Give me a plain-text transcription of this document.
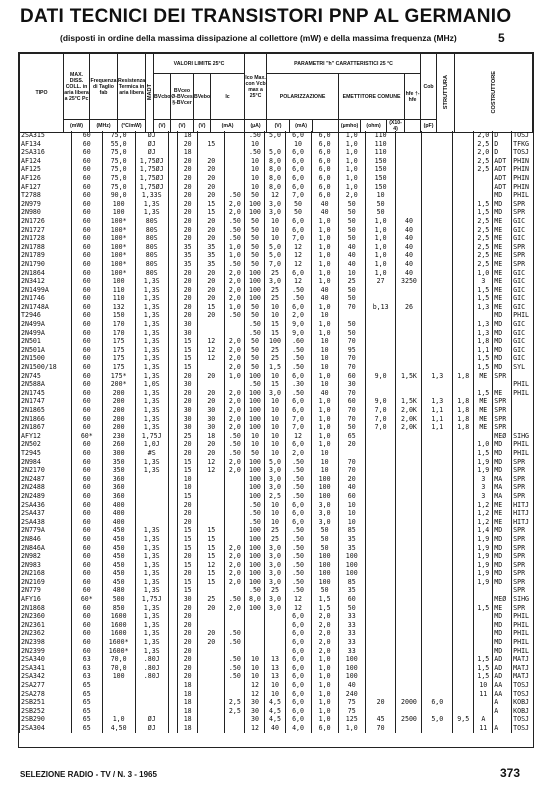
DATI TECNICI DEI TRANSISTORI PNP AL GERMANIO
(disposti in ordine della massima dissipazione al collettore (mW) e della massima frequenza (MHz)	5
TIPO	MAX. DISS. COLL. in aria libera a 25°C Pc	Frequenza di Taglio fab	Resistenza Termica in aria libera	MADT	VALORI LIMITE 25°C				Ico Max. con Vcb max a 25°C	PARAMETRI "h" CARATTERISTICI 25 °C							Cob	STRUTTURA	COSTRUTTORE
					BVcbo	BVceo Ø-BVces §-BVcer	BVebo	Ic		POLARIZZAZIONE			EMETTITORE COMUNE			hfe †-hfe			
	(mW)	(MHz)	(°C/mW)		(V)	(V)	(V)	(mA)	(µA)	(V)	(mA)		(µmho)	(ohm)	(X10-4)		(pF)		
2SA315	60	75,0	ØJ		18			.50	5,0	6,0	6,0	1,0	110				2,0	D	TOSJ
AF134	60	55,0	ØJ		20	15		10		10	6,0	1,0	110				2,5	D	TFKG
2SA316	60	75,0	ØJ		18			.50	5,0	6,0	6,0	1,0	110				2,0	D	TOSJ
AF124	60	75,0	1,75ØJ		20	20		10	8,0	6,0	6,0	1,0	150				2,5	ADT	PHIN
AF125	60	75,0	1,75ØJ		20	20		10	8,0	6,0	6,0	1,0	150				2,5	ADT	PHIN
AF126	60	75,0	1,75ØJ		20	20		10	8,0	6,0	6,0	1,0	150					ADT	PHIN
AF127	60	75,0	1,75ØJ		20	20		10	8,0	6,0	6,0	1,0	150					ADT	PHIN
T2788	60	90,0	1,33S		20	20	.50	50	12	7,0	6,0	2,0	10					MD	PHIL
2N979	60	100	1,3S		20	15	2,0	100	3,0	50	40	50	50				1,5	MD	SPR
2N980	60	100	1,3S		20	15	2,0	100	3,0	50	40	50	50				1,5	MD	SPR
2N1726	60	100*	80S		20	20	.50	50	10	6,0	1,0	50	1,0	40			2,5	ME	GIC
2N1727	60	100*	80S		20	20	.50	50	10	6,0	1,0	50	1,0	40			2,5	ME	GIC
2N1728	60	100*	80S		20	20	.50	50	10	7,0	1,0	50	1,0	40			2,5	ME	GIC
2N1788	60	100*	80S		35	35	1,0	50	5,0	12	1,0	40	1,0	40			2,5	ME	SPR
2N1789	60	100*	80S		35	35	1,0	50	5,0	12	1,0	40	1,0	40			2,5	ME	SPR
2N1790	60	100*	80S		35	35	.50	50	7,0	12	1,0	40	1,0	40			2,5	ME	SPR
2N1864	60	100*	80S		20	20	2,0	100	25	6,0	1,0	10	1,0	40			1,0	ME	GIC
2N3412	60	100	1,3S		20	20	2,0	100	3,0	12	1,0	25	27	3250			3	ME	GIC
2N1499A	60	110	1,3S		20	20	2,0	100	25	.50	40	50					1,5	ME	GIC
2N1746	60	110	1,3S		20	20	2,0	100	25	.50	40	50					1,5	ME	GIC
2N1748A	60	132	1,3S		20	15	1,0	50	10	6,0	1,0	70	b,13	26			1,3	ME	GIC
T2946	60	150	1,3S		20	20	.50	50	10	2,0	10							MD	PHIL
2N499A	60	170	1,3S		30			.50	15	9,0	1,0	50					1,3	MD	GIC
2N499A	60	170	1,3S		30			.50	15	9,0	1,0	50					1,3	MD	GIC
2N501	60	175	1,3S		15	12	2,0	50	100	.60	10	70					1,8	MD	GIC
2N501A	60	175	1,3S		15	12	2,0	50	25	.50	10	95					1,1	MD	GIC
2N1500	60	175	1,3S		15	12	2,0	50	25	.50	10	70					1,5	MD	GIC
2N1500/18	60	175	1,3S		15		2,0	50	1,5	.50	10	70					1,5	MD	SYL
2N745	60	175*	1,3S		20	20	1,0	100	10	6,0	1,0	60	9,0	1,5K	1,3	1,8	ME	SPR	
2N588A	60	200*	1,0S		30			.50	15	.30	10	30							PHIL
2N1745	60	200	1,3S		20	20	2,0	100	3,0	.50	40	70					1,5	ME	PHIL
2N1747	60	200	1,3S		20	20	2,0	100	10	6,0	1,0	60	9,0	1,5K	1,3	1,8	ME	SPR	
2N1865	60	200	1,3S		30	30	2,0	100	10	6,0	1,0	70	7,0	2,0K	1,1	1,8	ME	SPR	
2N1866	60	200	1,3S		30	30	2,0	100	10	7,0	1,0	70	7,0	2,0K	1,1	1,8	ME	SPR	
2N1867	60	200	1,3S		30	30	2,0	100	10	7,0	1,0	50	7,0	2,0K	1,1	1,8	ME	SPR	
AFY12	60*	230	1,75J		25	18	.50	10	10	12	1,0	65						MEØ	SIHG
2N502	60	260	1,0J		20	20	.50	10	10	6,0	1,0	20					1,0	MD	PHIL
T2945	60	300	#S		20	20	.50	50	10	2,0	10						1,5	MD	PHIL
2N984	60	350	1,3S		15	12	2,0	100	5,0	.50	10	70					1,9	MD	SPR
2N2170	60	350	1,3S		15	12	2,0	100	3,0	.50	10	70					1,9	MD	SPR
2N2487	60	360			10			100	3,0	.50	100	20					3	MA	SPR
2N2488	60	360			10			100	3,0	.50	100	40					3	MA	SPR
2N2489	60	360			15			100	2,5	.50	100	60					3	MA	SPR
2SA436	60	400			20			.50	10	6,0	3,0	10					1,2	ME	HITJ
2SA437	60	400			20			.50	10	6,0	3,0	10					1,2	ME	HITJ
2SA438	60	400			20			.50	10	6,0	3,0	10					1,2	ME	HITJ
2N779A	60	450	1,3S		15	15		100	25	.50	50	85					1,4	MD	SPR
2N846	60	450	1,3S		15	15		100	25	.50	50	35					1,9	MD	SPR
2N846A	60	450	1,3S		15	15	2,0	100	3,0	.50	50	35					1,9	MD	SPR
2N982	60	450	1,3S		20	15	2,0	100	3,0	.50	100	100					1,9	MD	SPR
2N983	60	450	1,3S		15	12	2,0	100	3,0	.50	100	100					1,9	MD	SPR
2N2168	60	450	1,3S		20	15	2,0	100	3,0	.50	100	100					1,9	MD	SPR
2N2169	60	450	1,3S		15	15	2,0	100	3,0	.50	100	85					1,9	MD	SPR
2N779	60	480	1,3S		15			.50	25	.50	50	35							SPR
AFY16	60*	500	1,75J		30	25	.50	8,0	3,0	12	1,5	60						MEØ	SIHG
2N1868	60	850	1,3S		20	20	2,0	100	3,0	12	1,5	50					1,5	ME	SPR
2N2360	60	1600	1,3S		20					6,0	2,0	33						MD	PHIL
2N2361	60	1600	1,3S		20					6,0	2,0	33						MD	PHIL
2N2362	60	1600	1,3S		20	20	.50			6,0	2,0	33						MD	PHIL
2N2398	60	1600*	1,3S		20	20	.50			6,0	2,0	33						MD	PHIL
2N2399	60	1600*	1,3S		20					6,0	2,0	33						MD	PHIL
2SA340	63	70,0	.80J		20		.50	10	13	6,0	1,0	100					1,5	AD	MATJ
2SA341	63	70,0	.80J		20		.50	10	13	6,0	1,0	100					1,5	AD	MATJ
2SA342	63	100	.80J		20		.50	10	13	6,0	1,0	100					1,5	AD	MATJ
2SA277	65				18			12	10	6,0	1,0	40					10	AA	TOSJ
2SA278	65				18			12	10	6,0	1,0	240					11	AA	TOSJ
2SB251	65				18		2,5	30	4,5	6,0	1,0	75	20	2000	6,0			A	KOBJ
2SB252	65				18		2,5	30	4,5	6,0	1,0	75						A	KOBJ
2SB290	65	1,0	ØJ		18			30	4,5	6,0	1,0	125	45	2500	5,0	9,5	A		TOSJ
2SA304	65	4,50	ØJ		18			12	40	4,0	6,0	1,0	70				11	A	TOSJ
SELEZIONE RADIO - TV / N. 3 - 1965	373
